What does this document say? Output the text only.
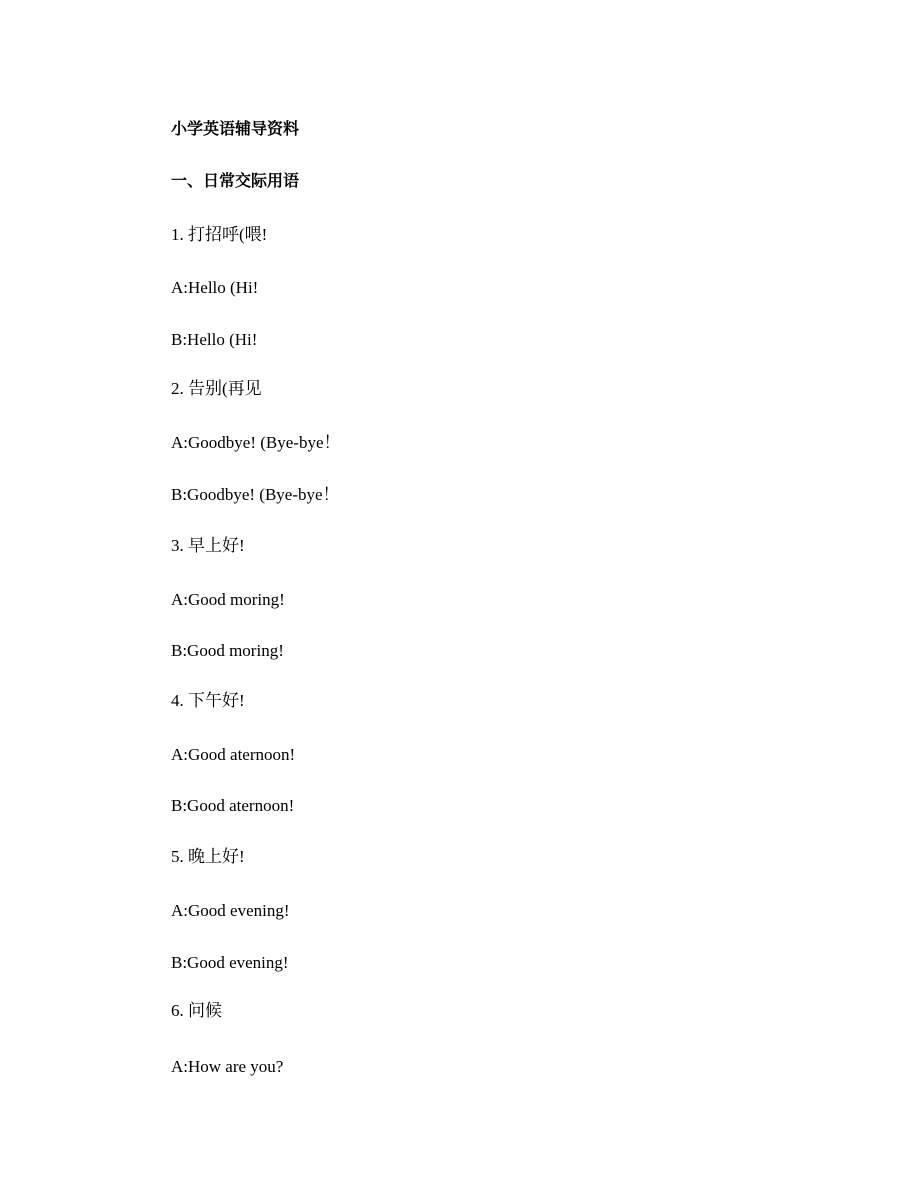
小学英语辅导资料

一、日常交际用语

1. 打招呼(喂!

A:Hello (Hi!

B:Hello (Hi!

2. 告别(再见

A:Goodbye! (Bye-bye！

B:Goodbye! (Bye-bye！

3. 早上好!

A:Good moring!

B:Good moring!

4. 下午好!

A:Good aternoon!

B:Good aternoon!

5. 晚上好!

A:Good evening!

B:Good evening!

6. 问候

A:How are you?
